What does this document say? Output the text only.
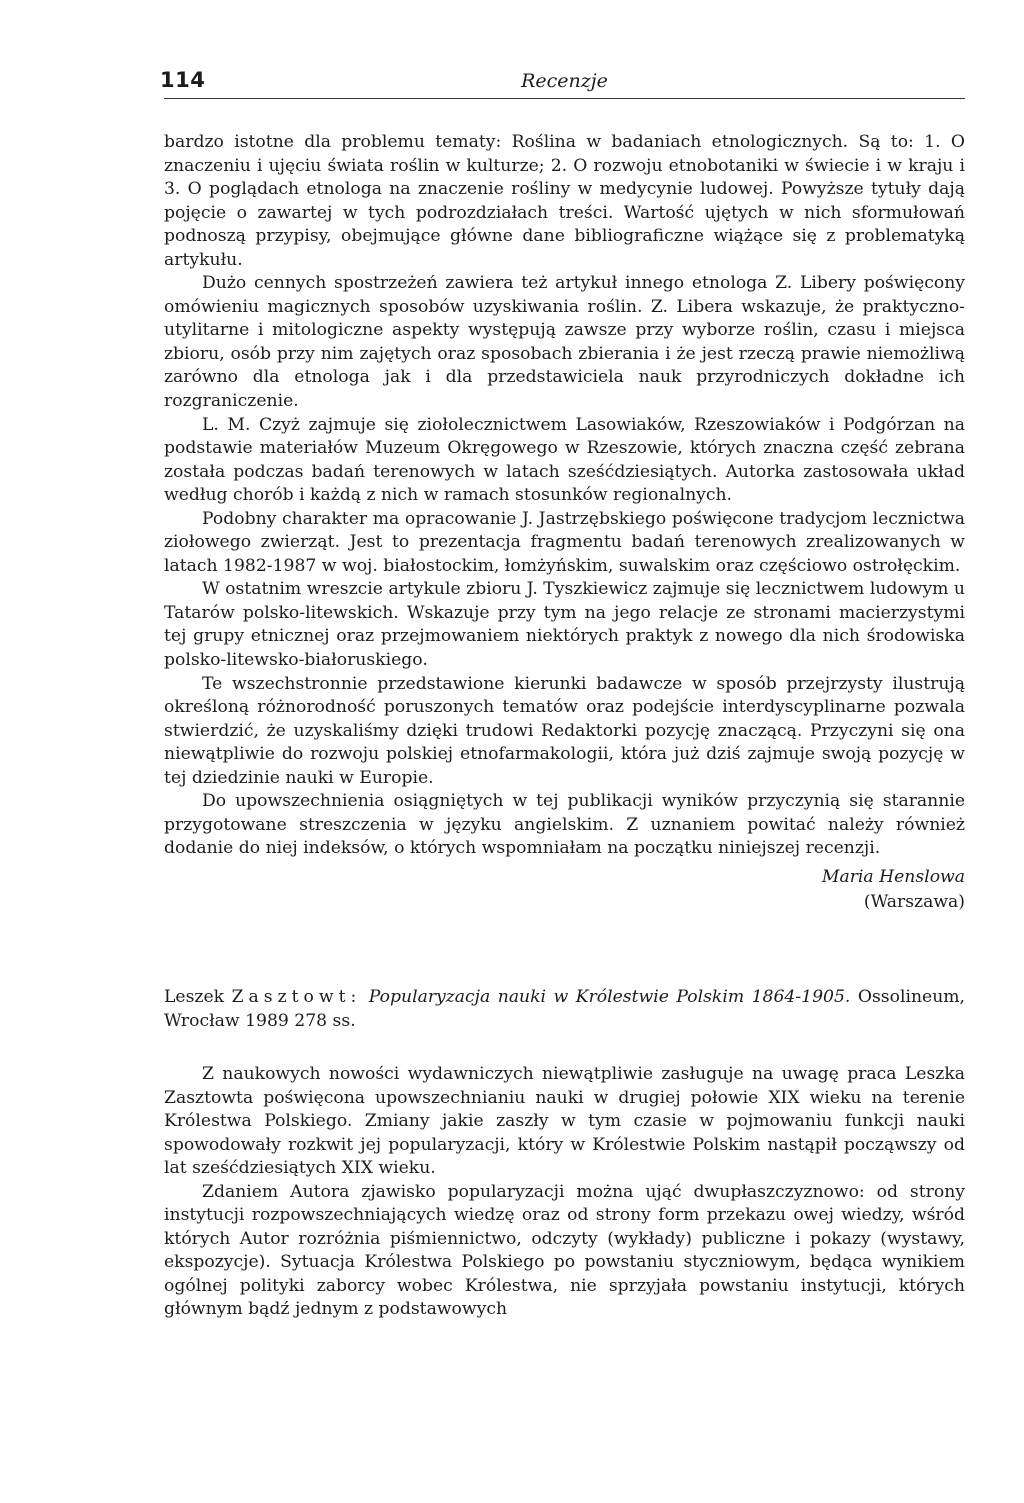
114	Recenzje

bardzo istotne dla problemu tematy: Roślina w badaniach etnologicznych. Są to: 1. O znaczeniu i ujęciu świata roślin w kulturze; 2. O rozwoju etnobotaniki w świecie i w kraju i 3. O poglądach etnologa na znaczenie rośliny w medycynie ludowej. Powyższe tytuły dają pojęcie o zawartej w tych podrozdziałach treści. Wartość ujętych w nich sformułowań podnoszą przypisy, obejmujące główne dane bibliograficzne wiążące się z problematyką artykułu.

Dużo cennych spostrzeżeń zawiera też artykuł innego etnologa Z. Libery poświęcony omówieniu magicznych sposobów uzyskiwania roślin. Z. Libera wskazuje, że praktyczno-utylitarne i mitologiczne aspekty występują zawsze przy wyborze roślin, czasu i miejsca zbioru, osób przy nim zajętych oraz sposobach zbierania i że jest rzeczą prawie niemożliwą zarówno dla etnologa jak i dla przedstawiciela nauk przyrodniczych dokładne ich rozgraniczenie.

L. M. Czyż zajmuje się ziołolecznictwem Lasowiaków, Rzeszowiaków i Podgórzan na podstawie materiałów Muzeum Okręgowego w Rzeszowie, których znaczna część zebrana została podczas badań terenowych w latach sześćdziesiątych. Autorka zastosowała układ według chorób i każdą z nich w ramach stosunków regionalnych.

Podobny charakter ma opracowanie J. Jastrzębskiego poświęcone tradycjom lecznictwa ziołowego zwierząt. Jest to prezentacja fragmentu badań terenowych zrealizowanych w latach 1982-1987 w woj. białostockim, łomżyńskim, suwalskim oraz częściowo ostrołęckim.

W ostatnim wreszcie artykule zbioru J. Tyszkiewicz zajmuje się lecznictwem ludowym u Tatarów polsko-litewskich. Wskazuje przy tym na jego relacje ze stronami macierzystymi tej grupy etnicznej oraz przejmowaniem niektórych praktyk z nowego dla nich środowiska polsko-litewsko-białoruskiego.

Te wszechstronnie przedstawione kierunki badawcze w sposób przejrzysty ilustrują określoną różnorodność poruszonych tematów oraz podejście interdyscyplinarne pozwala stwierdzić, że uzyskaliśmy dzięki trudowi Redaktorki pozycję znaczącą. Przyczyni się ona niewątpliwie do rozwoju polskiej etnofarmakologii, która już dziś zajmuje swoją pozycję w tej dziedzinie nauki w Europie.

Do upowszechnienia osiągniętych w tej publikacji wyników przyczynią się starannie przygotowane streszczenia w języku angielskim. Z uznaniem powitać należy również dodanie do niej indeksów, o których wspomniałam na początku niniejszej recenzji.

Maria Henslowa
(Warszawa)

Leszek Zasztowt: Popularyzacja nauki w Królestwie Polskim 1864-1905. Ossolineum, Wrocław 1989 278 ss.

Z naukowych nowości wydawniczych niewątpliwie zasługuje na uwagę praca Leszka Zasztowta poświęcona upowszechnianiu nauki w drugiej połowie XIX wieku na terenie Królestwa Polskiego. Zmiany jakie zaszły w tym czasie w pojmowaniu funkcji nauki spowodowały rozkwit jej popularyzacji, który w Królestwie Polskim nastąpił począwszy od lat sześćdziesiątych XIX wieku.

Zdaniem Autora zjawisko popularyzacji można ująć dwupłaszczyznowo: od strony instytucji rozpowszechniających wiedzę oraz od strony form przekazu owej wiedzy, wśród których Autor rozróżnia piśmiennictwo, odczyty (wykłady) publiczne i pokazy (wystawy, ekspozycje). Sytuacja Królestwa Polskiego po powstaniu styczniowym, będąca wynikiem ogólnej polityki zaborcy wobec Królestwa, nie sprzyjała powstaniu instytucji, których głównym bądź jednym z podstawowych
